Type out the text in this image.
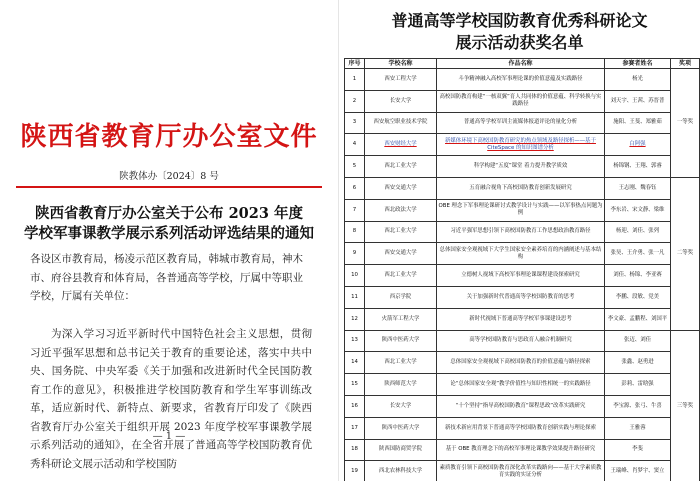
陕西省教育厅办公室文件
陕教体办〔2024〕8 号
陕西省教育厅办公室关于公布 2023 年度
学校军事课教学展示系列活动评选结果的通知
各设区市教育局，杨凌示范区教育局，韩城市教育局，神木市、府谷县教育和体育局，各普通高等学校，厅属中等职业学校，厅属有关单位：
为深入学习习近平新时代中国特色社会主义思想，贯彻习近平强军思想和总书记关于教育的重要论述，落实中共中央、国务院、中央军委《关于加强和改进新时代全民国防教育工作的意见》，积极推进学校国防教育和学生军事训练改革，适应新时代、新特点、新要求，省教育厅印发了《陕西省教育厅办公室关于组织开展 2023 年度学校军事课教学展示系列活动的通知》，在全省开展了普通高等学校国防教育优秀科研论文展示活动和学校国防
— 1 —
普通高等学校国防教育优秀科研论文
展示活动获奖名单
序号	学校名称	作品名称	参赛者姓名	奖项
1	西安工程大学	斗争精神融入高校军事理论课的价值意蕴及实践路径	杨光	一等奖
2	长安大学	高校国防教育构建“一核双翼”育人共同体的价值意蕴、科学转换与实践路径	刘天宇、王茜、苏晋普	
3	西安航空职业技术学院	普通高等学校军训主流媒体报道评论的量化分析	施阳、王斐、郑雅茹	
4	西安财经大学	新媒体环境下高校国防教育研究的热点领域及路径探析——基于 CiteSpace 的知识图谱分析	白阿强	
5	西北工业大学	科学构建“五度”课堂 着力提升教学质效	杨锦钢、王翔、郭睿	
6	西安交通大学	五育融合视角下高校国防教育创新发展研究	王志刚、魏春钰	二等奖
7	西北政法大学	OBE 理念下军事理论课研讨式教学设计与实践——以军事热点问题为例	李东岩、宋文静、梁维	
8	西北工业大学	习近平强军思想引领下高校国防教育工作思想政治教育路径	杨迎、刘佳、张列	
9	西安交通大学	总体国家安全观视域下大学生国家安全素养培育的内涵阐述与基本结构	张昊、王介勇、张一凡	
10	西北工业大学	立德树人视域下高校军事理论课课程建设探索研究	刘佳、杨锦、李亚赛	
11	西京学院	关于加强新时代普通高等学校国防教育的思考	李鹏、段敏、党美	
12	火箭军工程大学	新时代视域下普通高等学校军事课建设思考	李文豪、孟鹏程、刘国平	
13	陕西中医药大学	高等学校国防教育与思政育人融合机制研究	张迈、刘佳	三等奖
14	西北工业大学	总体国家安全观视域下高校国防教育的价值意蕴与路径探索	张鑫、赵勇进	
15	陕西师范大学	论“总体国家安全观”教学价值性与知识性相统一的实践路径	彭莉、雷晗强	
16	长安大学	“十个坚持”指导高校国防教育“课程思政”改革实践研究	李宝源、张弓、牛喜	
17	陕西中医药大学	新技术新应用背景下普通高等学校国防教育创新实践与理论探索	王雅蓉	
18	陕西国防商贸学院	基于 OBE 教育理念下的高校军事理论课教学效果提升路径研究	李斐	
19	西北农林科技大学	素质教育引领下高校国防教育深化改革实践路向——基于大学素质教育实践的实证分析	王瑞峰、肖梦宇、窦立	
